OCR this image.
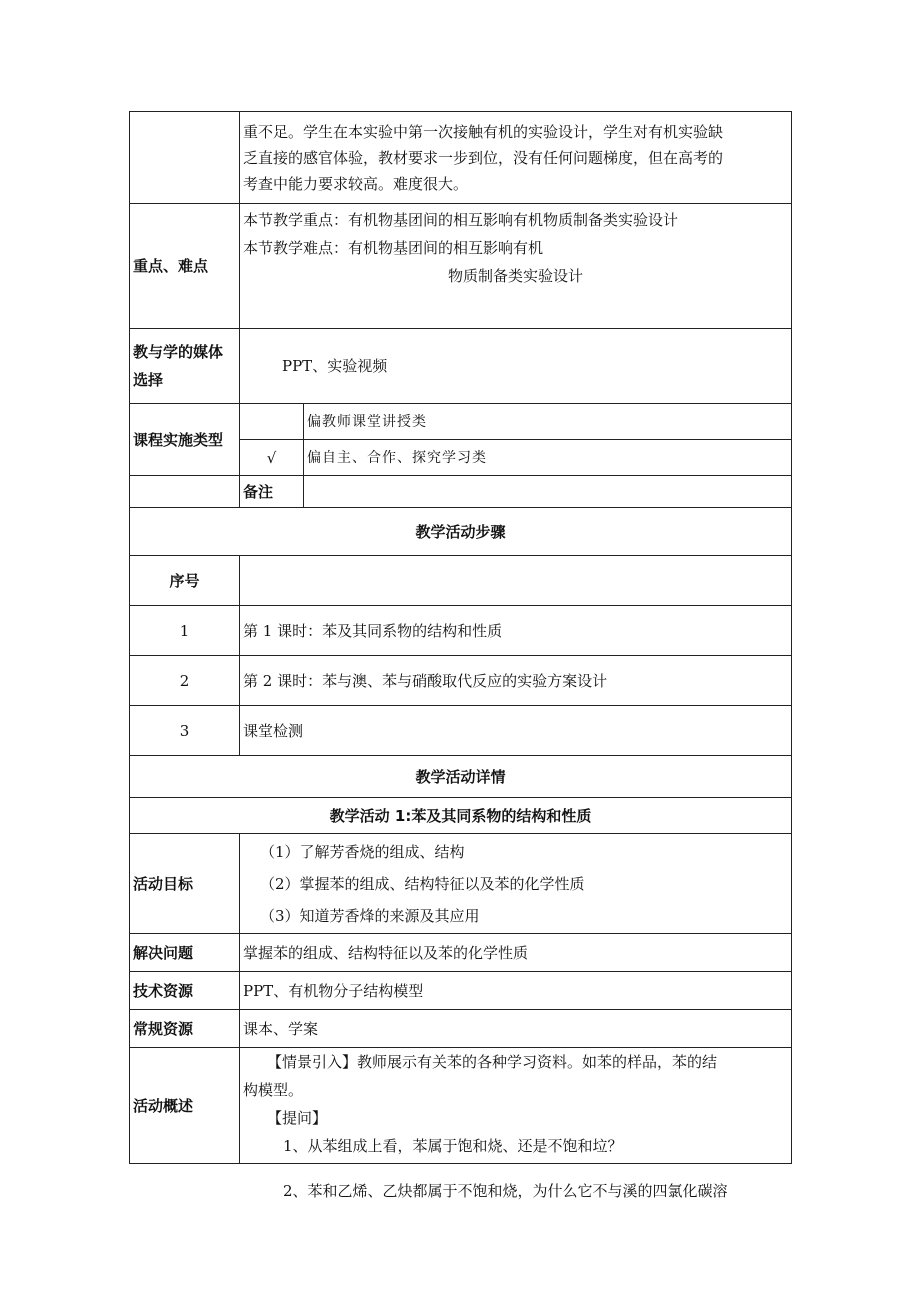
	重不足。学生在本实验中第一次接触有机的实验设计，学生对有机实验缺
乏直接的感官体验，教材要求一步到位，没有任何问题梯度，但在高考的
考查中能力要求较高。难度很大。	

重点、难点	本节教学重点：有机物基团间的相互影响有机物质制备类实验设计
本节教学难点：有机物基团间的相互影响有机
物质制备类实验设计	

教与学的媒体
选择	PPT、实验视频	
课程实施类型		偏教师课堂讲授类
	√	偏自主、合作、探究学习类
	备注	
教学活动步骤		
序号		
1	第 1 课时：苯及其同系物的结构和性质	
2	第 2 课时：苯与澳、苯与硝酸取代反应的实验方案设计	
3	课堂检测	
教学活动详情		
教学活动 1:苯及其同系物的结构和性质		
活动目标	（1）了解芳香烧的组成、结构
（2）掌握苯的组成、结构特征以及苯的化学性质
（3）知道芳香烽的来源及其应用	

解决问题	掌握苯的组成、结构特征以及苯的化学性质	
技术资源	PPT、有机物分子结构模型	
常规资源	课本、学案	
活动概述	【情景引入】教师展示有关苯的各种学习资料。如苯的样品，苯的结
构模型。
【提问】
1、从苯组成上看，苯属于饱和烧、还是不饱和垃？	
2、苯和乙烯、乙炔都属于不饱和烧，为什么它不与溪的四氯化碳溶
